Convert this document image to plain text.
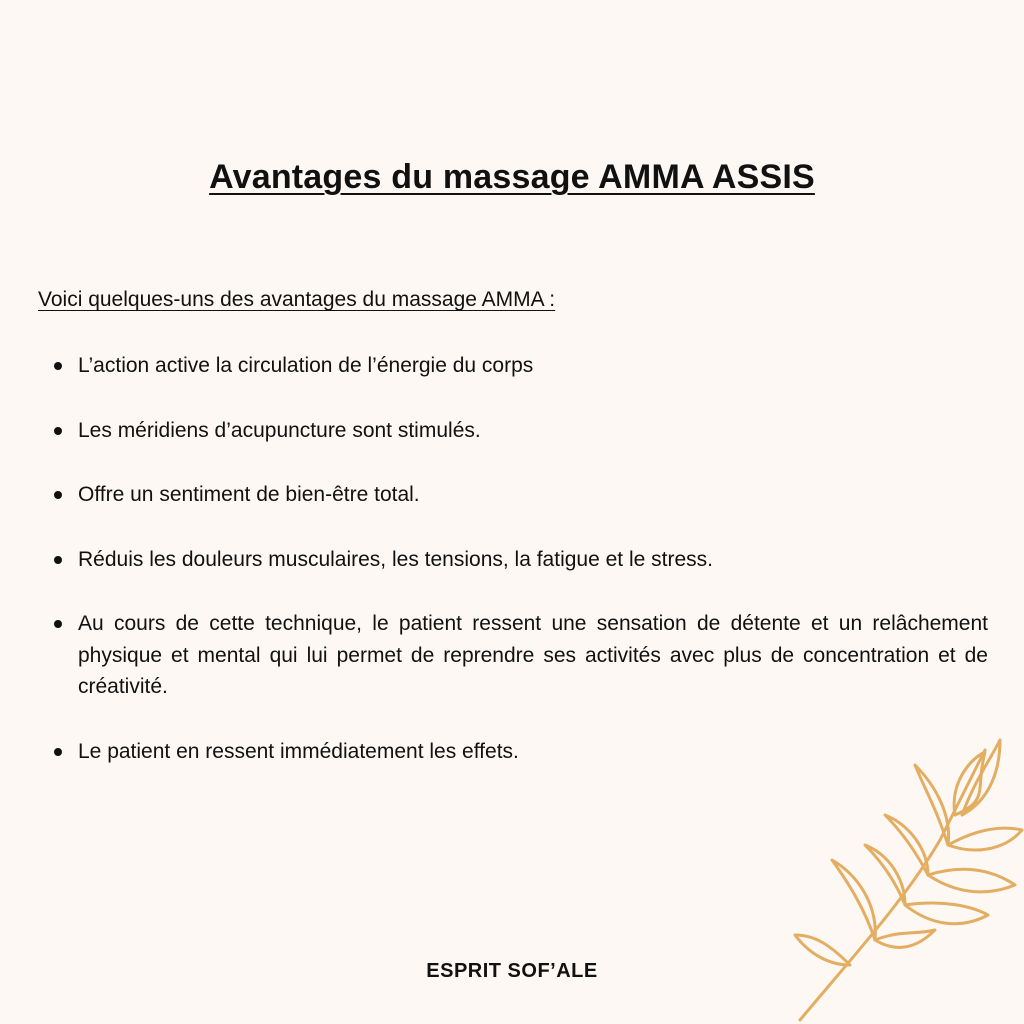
Avantages du massage AMMA ASSIS

Voici quelques-uns des avantages du massage AMMA :

L’action active la circulation de l’énergie du corps
Les méridiens d’acupuncture sont stimulés.
Offre un sentiment de bien-être total.
Réduis les douleurs musculaires, les tensions, la fatigue et le stress.
Au cours de cette technique, le patient ressent une sensation de détente et un relâchement physique et mental qui lui permet de reprendre ses activités avec plus de concentration et de créativité.
Le patient en ressent immédiatement les effets.

ESPRIT SOF’ALE
